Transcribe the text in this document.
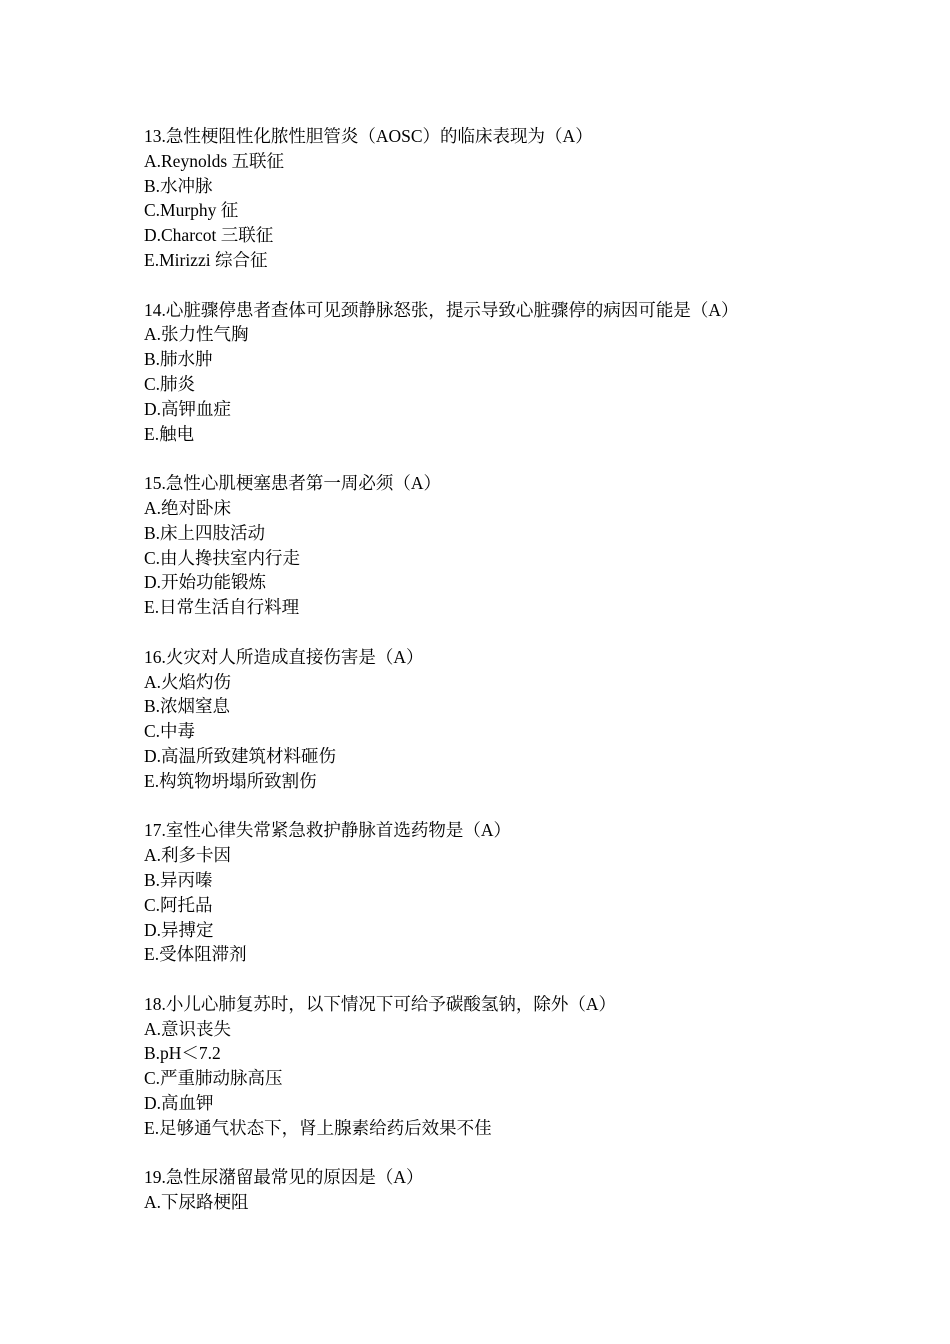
13.急性梗阻性化脓性胆管炎（AOSC）的临床表现为（A）
A.Reynolds 五联征
B.水冲脉
C.Murphy 征
D.Charcot 三联征
E.Mirizzi 综合征
14.心脏骤停患者查体可见颈静脉怒张，提示导致心脏骤停的病因可能是（A）
A.张力性气胸
B.肺水肿
C.肺炎
D.高钾血症
E.触电
15.急性心肌梗塞患者第一周必须（A）
A.绝对卧床
B.床上四肢活动
C.由人搀扶室内行走
D.开始功能锻炼
E.日常生活自行料理
16.火灾对人所造成直接伤害是（A）
A.火焰灼伤
B.浓烟窒息
C.中毒
D.高温所致建筑材料砸伤
E.构筑物坍塌所致割伤
17.室性心律失常紧急救护静脉首选药物是（A）
A.利多卡因
B.异丙嗪
C.阿托品
D.异搏定
E.受体阻滞剂
18.小儿心肺复苏时，以下情况下可给予碳酸氢钠，除外（A）
A.意识丧失
B.pH＜7.2
C.严重肺动脉高压
D.高血钾
E.足够通气状态下，肾上腺素给药后效果不佳
19.急性尿潴留最常见的原因是（A）
A.下尿路梗阻
